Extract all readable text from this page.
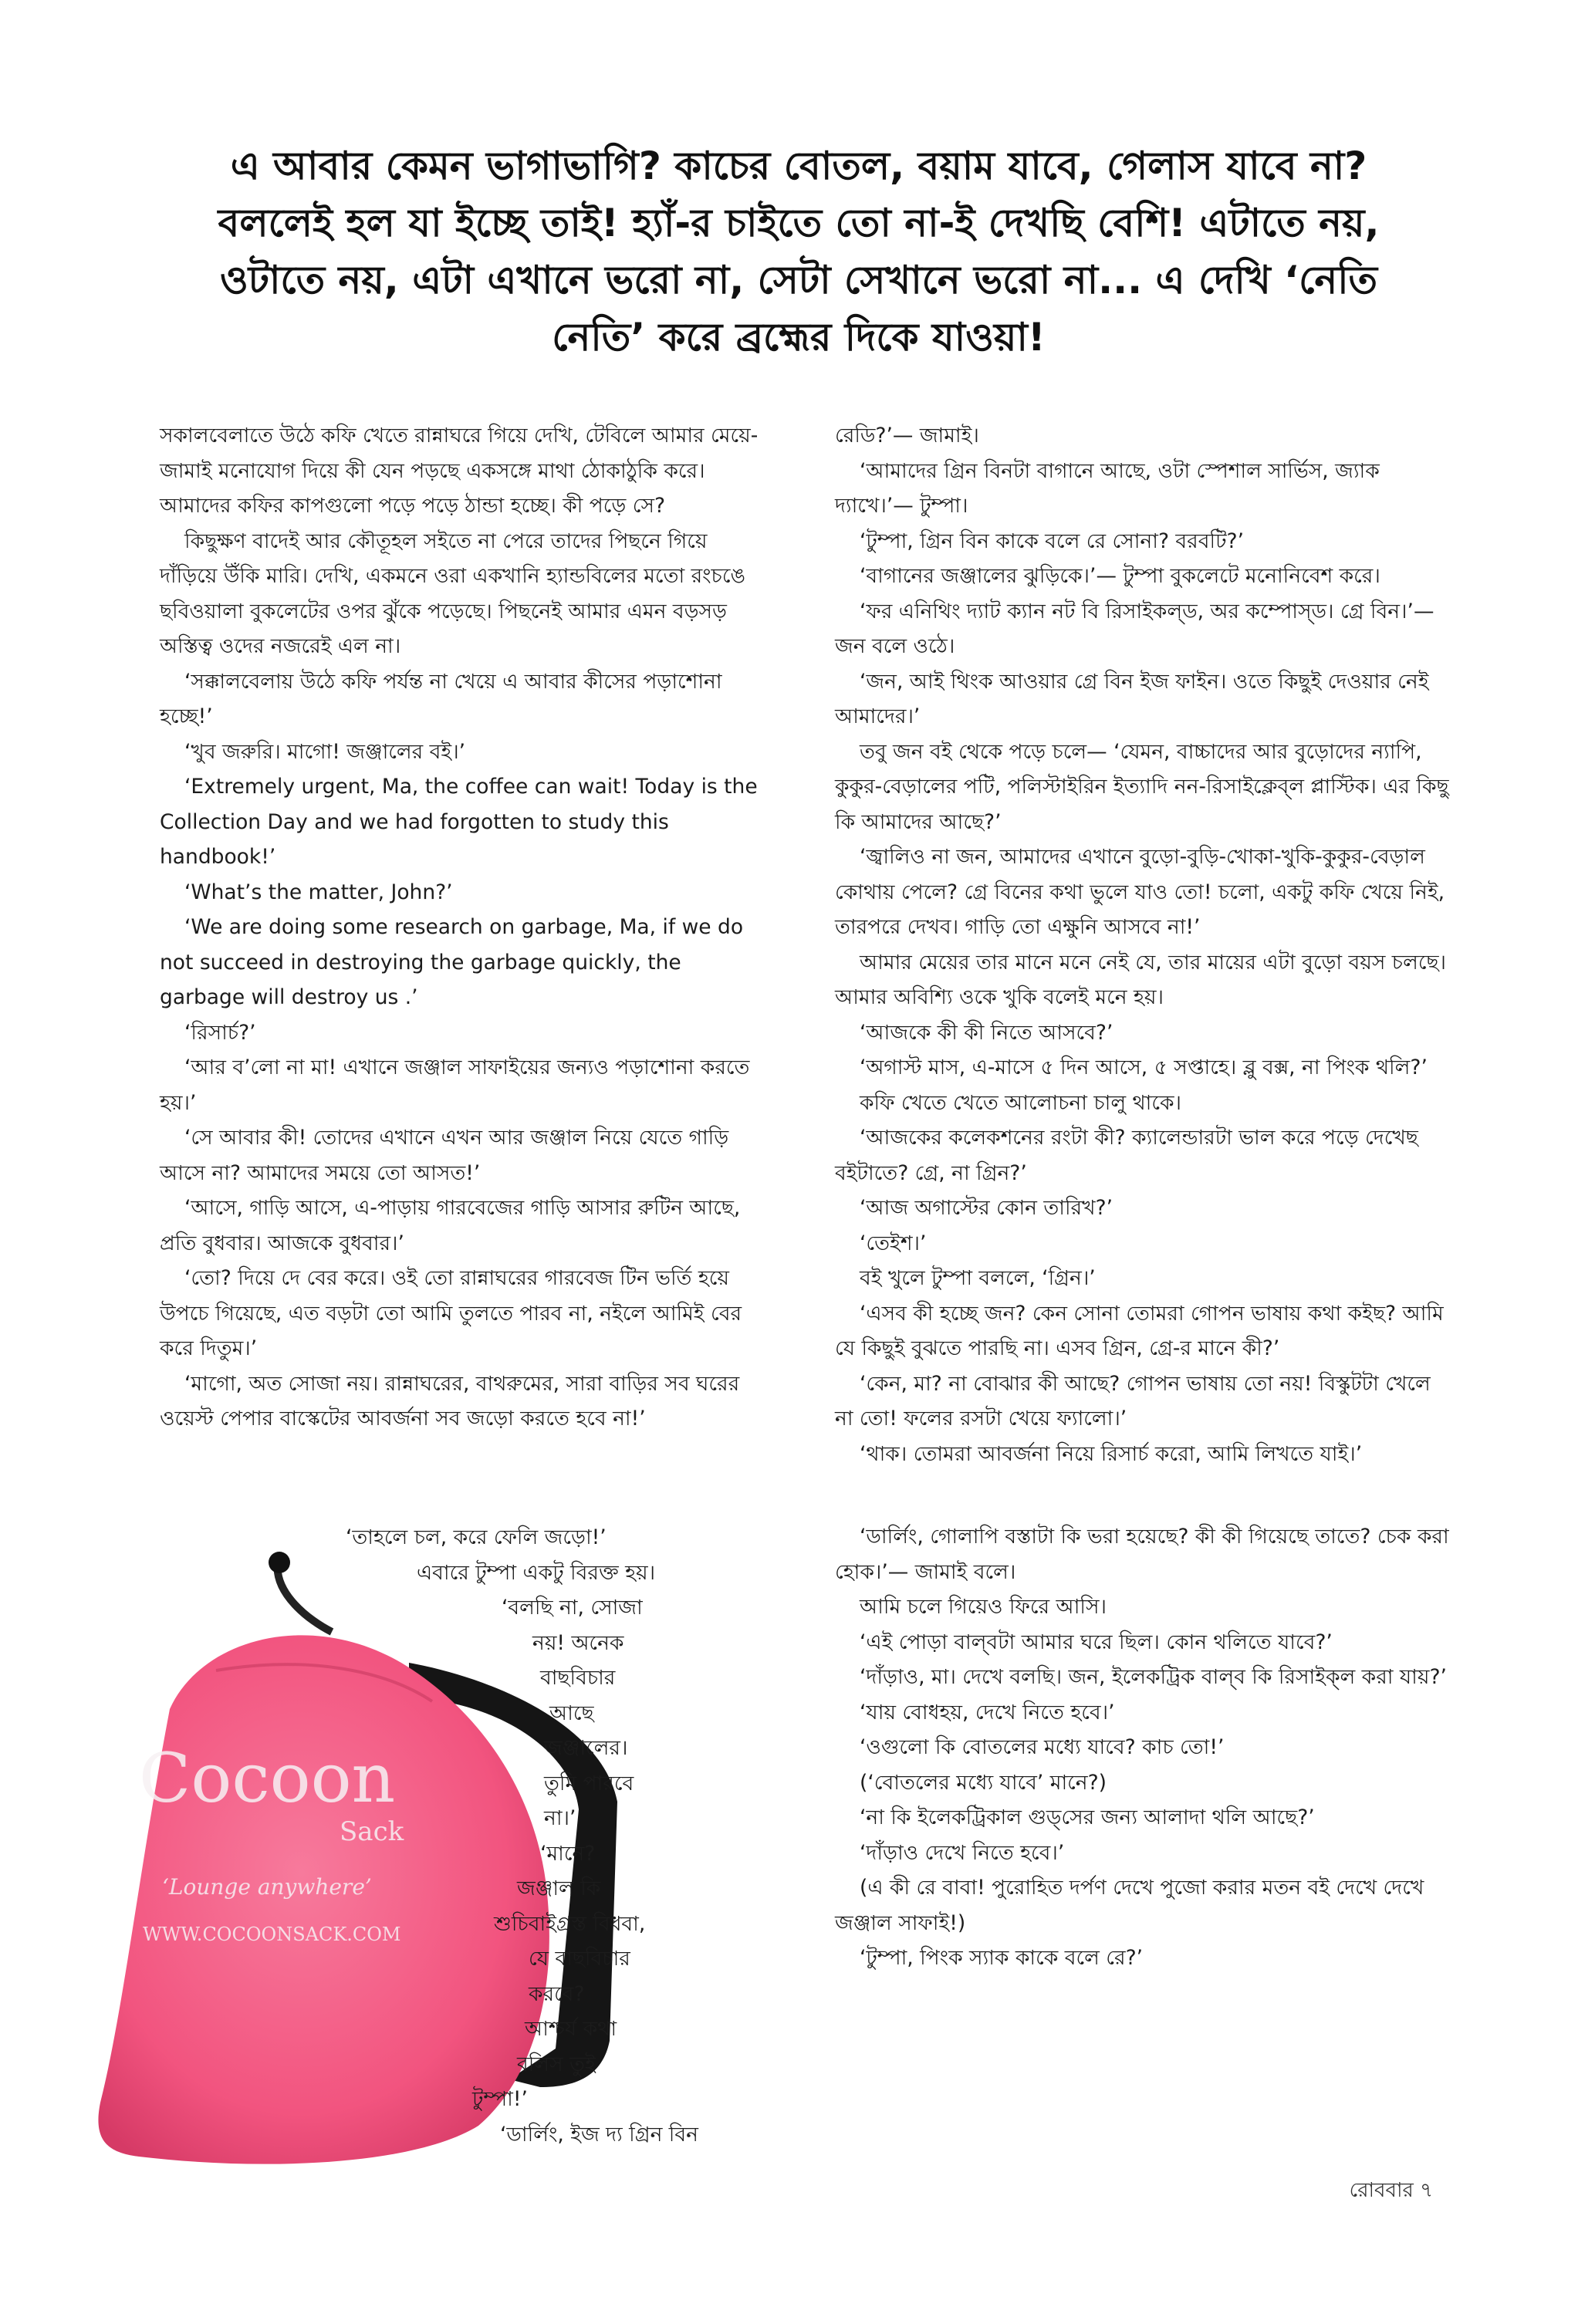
এ আবার কেমন ভাগাভাগি? কাচের বোতল, বয়াম যাবে, গেলাস যাবে না?
বললেই হল যা ইচ্ছে তাই! হ্যাঁ-র চাইতে তো না-ই দেখছি বেশি! এটাতে নয়,
ওটাতে নয়, এটা এখানে ভরো না, সেটা সেখানে ভরো না... এ দেখি ‘নেতি
নেতি’ করে ব্রহ্মের দিকে যাওয়া!

সকালবেলাতে উঠে কফি খেতে রান্নাঘরে গিয়ে দেখি, টেবিলে আমার মেয়ে-জামাই মনোযোগ দিয়ে কী যেন পড়ছে একসঙ্গে মাথা ঠোকাঠুকি করে। আমাদের কফির কাপগুলো পড়ে পড়ে ঠান্ডা হচ্ছে। কী পড়ে সে?

কিছুক্ষণ বাদেই আর কৌতূহল সইতে না পেরে তাদের পিছনে গিয়ে দাঁড়িয়ে উঁকি মারি। দেখি, একমনে ওরা একখানি হ্যান্ডবিলের মতো রংচঙে ছবিওয়ালা বুকলেটের ওপর ঝুঁকে পড়েছে। পিছনেই আমার এমন বড়সড় অস্তিত্ব ওদের নজরেই এল না।

‘সক্কালবেলায় উঠে কফি পর্যন্ত না খেয়ে এ আবার কীসের পড়াশোনা হচ্ছে!’

‘খুব জরুরি। মাগো! জঞ্জালের বই।’

‘Extremely urgent, Ma, the coffee can wait! Today is the Collection Day and we had forgotten to study this handbook!’

‘What’s the matter, John?’

‘We are doing some research on garbage, Ma, if we do not succeed in destroying the garbage quickly, the garbage will destroy us .’

‘রিসার্চ?’

‘আর ব’লো না মা! এখানে জঞ্জাল সাফাইয়ের জন্যও পড়াশোনা করতে হয়।’

‘সে আবার কী! তোদের এখানে এখন আর জঞ্জাল নিয়ে যেতে গাড়ি আসে না? আমাদের সময়ে তো আসত!’

‘আসে, গাড়ি আসে, এ-পাড়ায় গারবেজের গাড়ি আসার রুটিন আছে, প্রতি বুধবার। আজকে বুধবার।’

‘তো? দিয়ে দে বের করে। ওই তো রান্নাঘরের গারবেজ টিন ভর্তি হয়ে উপচে গিয়েছে, এত বড়টা তো আমি তুলতে পারব না, নইলে আমিই বের করে দিতুম।’

‘মাগো, অত সোজা নয়। রান্নাঘরের, বাথরুমের, সারা বাড়ির সব ঘরের ওয়েস্ট পেপার বাস্কেটের আবর্জনা সব জড়ো করতে হবে না!’

Cocoon
Sack
‘Lounge anywhere’
WWW.COCOONSACK.COM

‘তাহলে চল, করে ফেলি জড়ো!’

এবারে টুম্পা একটু বিরক্ত হয়।

‘বলছি না, সোজা

নয়! অনেক

বাছবিচার

আছে

জঞ্জালের।

তুমি পারবে

না।’

‘মানে?

জঞ্জাল কি

শুচিবাইগ্রস্ত বিধবা,

যে বাছবিচার

করবে?

আশ্চর্য কথা

বলিস তুই

টুম্পা!’

‘ডার্লিং, ইজ দ্য গ্রিন বিন

রেডি?’— জামাই।

‘আমাদের গ্রিন বিনটা বাগানে আছে, ওটা স্পেশাল সার্ভিস, জ্যাক দ্যাখে।’— টুম্পা।

‘টুম্পা, গ্রিন বিন কাকে বলে রে সোনা? বরবটি?’

‘বাগানের জঞ্জালের ঝুড়িকে।’— টুম্পা বুকলেটে মনোনিবেশ করে।

‘ফর এনিথিং দ্যাট ক্যান নট বি রিসাইকল্‌ড, অর কম্পোস্‌ড। গ্রে বিন।’— জন বলে ওঠে।

‘জন, আই থিংক আওয়ার গ্রে বিন ইজ ফাইন। ওতে কিছুই দেওয়ার নেই আমাদের।’

তবু জন বই থেকে পড়ে চলে— ‘যেমন, বাচ্চাদের আর বুড়োদের ন্যাপি, কুকুর-বেড়ালের পটি, পলিস্টাইরিন ইত্যাদি নন-রিসাইক্লেব্‌ল প্লাস্টিক। এর কিছু কি আমাদের আছে?’

‘জ্বালিও না জন, আমাদের এখানে বুড়ো-বুড়ি-খোকা-খুকি-কুকুর-বেড়াল কোথায় পেলে? গ্রে বিনের কথা ভুলে যাও তো! চলো, একটু কফি খেয়ে নিই, তারপরে দেখব। গাড়ি তো এক্ষুনি আসবে না!’

আমার মেয়ের তার মানে মনে নেই যে, তার মায়ের এটা বুড়ো বয়স চলছে। আমার অবিশ্যি ওকে খুকি বলেই মনে হয়।

‘আজকে কী কী নিতে আসবে?’

‘অগাস্ট মাস, এ-মাসে ৫ দিন আসে, ৫ সপ্তাহে। ব্লু বক্স, না পিংক থলি?’

কফি খেতে খেতে আলোচনা চালু থাকে।

‘আজকের কলেকশনের রংটা কী? ক্যালেন্ডারটা ভাল করে পড়ে দেখেছ বইটাতে? গ্রে, না গ্রিন?’

‘আজ অগাস্টের কোন তারিখ?’

‘তেইশ।’

বই খুলে টুম্পা বললে, ‘গ্রিন।’

‘এসব কী হচ্ছে জন? কেন সোনা তোমরা গোপন ভাষায় কথা কইছ? আমি যে কিছুই বুঝতে পারছি না। এসব গ্রিন, গ্রে-র মানে কী?’

‘কেন, মা? না বোঝার কী আছে? গোপন ভাষায় তো নয়! বিস্কুটটা খেলে না তো! ফলের রসটা খেয়ে ফ্যালো।’

‘থাক। তোমরা আবর্জনা নিয়ে রিসার্চ করো, আমি লিখতে যাই।’

‘ডার্লিং, গোলাপি বস্তাটা কি ভরা হয়েছে? কী কী গিয়েছে তাতে? চেক করা হোক।’— জামাই বলে।

আমি চলে গিয়েও ফিরে আসি।

‘এই পোড়া বাল্‌বটা আমার ঘরে ছিল। কোন থলিতে যাবে?’

‘দাঁড়াও, মা। দেখে বলছি। জন, ইলেকট্রিক বাল্‌ব কি রিসাইক্‌ল করা যায়?’

‘যায় বোধহয়, দেখে নিতে হবে।’

‘ওগুলো কি বোতলের মধ্যে যাবে? কাচ তো!’

(‘বোতলের মধ্যে যাবে’ মানে?)

‘না কি ইলেকট্রিকাল গুড্‌সের জন্য আলাদা থলি আছে?’

‘দাঁড়াও দেখে নিতে হবে।’

(এ কী রে বাবা! পুরোহিত দর্পণ দেখে পুজো করার মতন বই দেখে দেখে জঞ্জাল সাফাই!)

‘টুম্পা, পিংক স্যাক কাকে বলে রে?’

রোববার ৭
